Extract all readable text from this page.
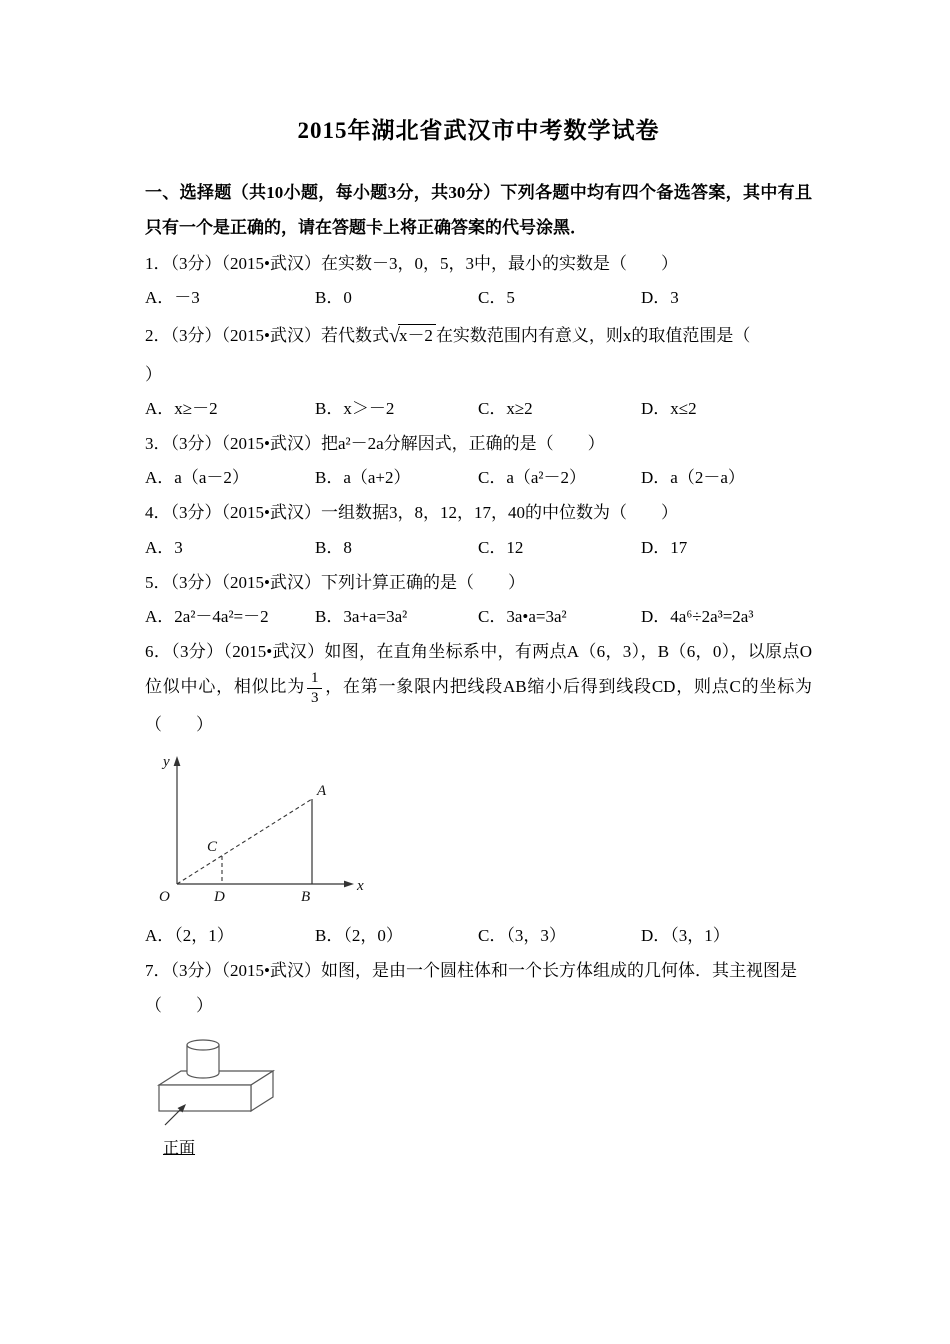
2015年湖北省武汉市中考数学试卷
一、选择题（共10小题，每小题3分，共30分）下列各题中均有四个备选答案，其中有且只有一个是正确的，请在答题卡上将正确答案的代号涂黑．
1．（3分）（2015•武汉）在实数－3，0，5，3中，最小的实数是（　　）
A．－3	B．0	C．5	D．3
2．（3分）（2015•武汉）若代数式√x－2 在实数范围内有意义，则x的取值范围是（
）
A．x≥－2	B．x＞－2	C．x≥2	D．x≤2
3．（3分）（2015•武汉）把a²－2a分解因式，正确的是（　　）
A．a（a－2）	B．a（a+2）	C．a（a²－2）	D．a（2－a）
4．（3分）（2015•武汉）一组数据3，8，12，17，40的中位数为（　　）
A．3	B．8	C．12	D．17
5．（3分）（2015•武汉）下列计算正确的是（　　）
A．2a²－4a²=－2	B．3a+a=3a²	C．3a•a=3a²	D．4a⁶÷2a³=2a³
6．（3分）（2015•武汉）如图，在直角坐标系中，有两点A（6，3），B（6，0），以原点O位似中心，相似比为 $\frac{1}{3}$ ，在第一象限内把线段AB缩小后得到线段CD，则点C的坐标为（　　）
y
x
O
A
B
C
D
A．（2，1）	B．（2，0）	C．（3，3）	D．（3，1）
7．（3分）（2015•武汉）如图，是由一个圆柱体和一个长方体组成的几何体．其主视图是
（　　）
正面
